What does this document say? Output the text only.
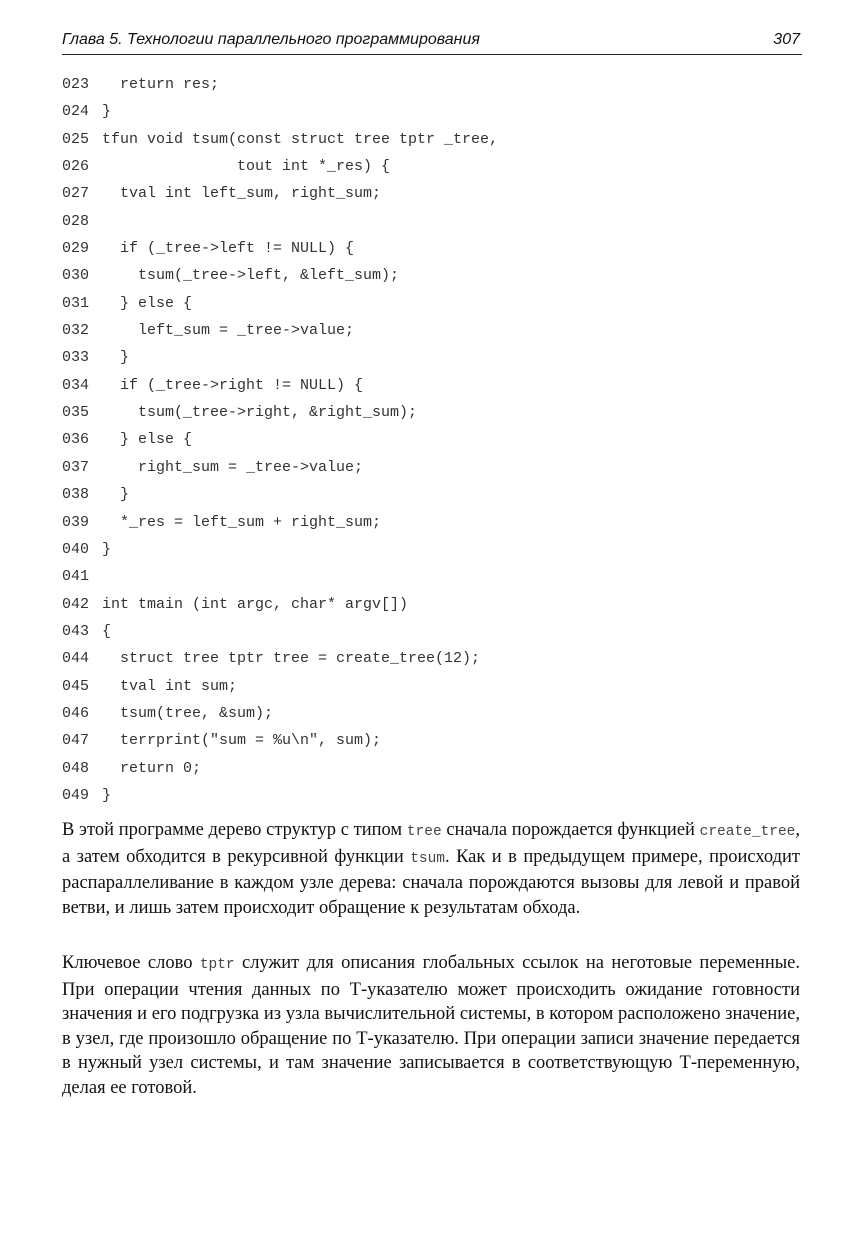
Глава 5. Технологии параллельного программирования	307
023  return res;
024 }
025 tfun void tsum(const struct tree tptr _tree,
026               tout int *_res) {
027  tval int left_sum, right_sum;
028
029  if (_tree->left != NULL) {
030    tsum(_tree->left, &left_sum);
031  } else {
032    left_sum = _tree->value;
033  }
034  if (_tree->right != NULL) {
035    tsum(_tree->right, &right_sum);
036  } else {
037    right_sum = _tree->value;
038  }
039  *_res = left_sum + right_sum;
040 }
041
042 int tmain (int argc, char* argv[])
043 {
044  struct tree tptr tree = create_tree(12);
045  tval int sum;
046  tsum(tree, &sum);
047  terrprint("sum = %u\n", sum);
048  return 0;
049 }

В этой программе дерево структур с типом tree сначала порождается функцией create_tree, а затем обходится в рекурсивной функции tsum. Как и в предыдущем примере, происходит распараллеливание в каждом узле дерева: сначала порождаются вызовы для левой и правой ветви, и лишь затем происходит обращение к результатам обхода.

Ключевое слово tptr служит для описания глобальных ссылок на неготовые переменные. При операции чтения данных по Т-указателю может происходить ожидание готовности значения и его подгрузка из узла вычислительной системы, в котором расположено значение, в узел, где произошло обращение по Т-указателю. При операции записи значение передается в нужный узел системы, и там значение записывается в соответствующую Т-переменную, делая ее готовой.
